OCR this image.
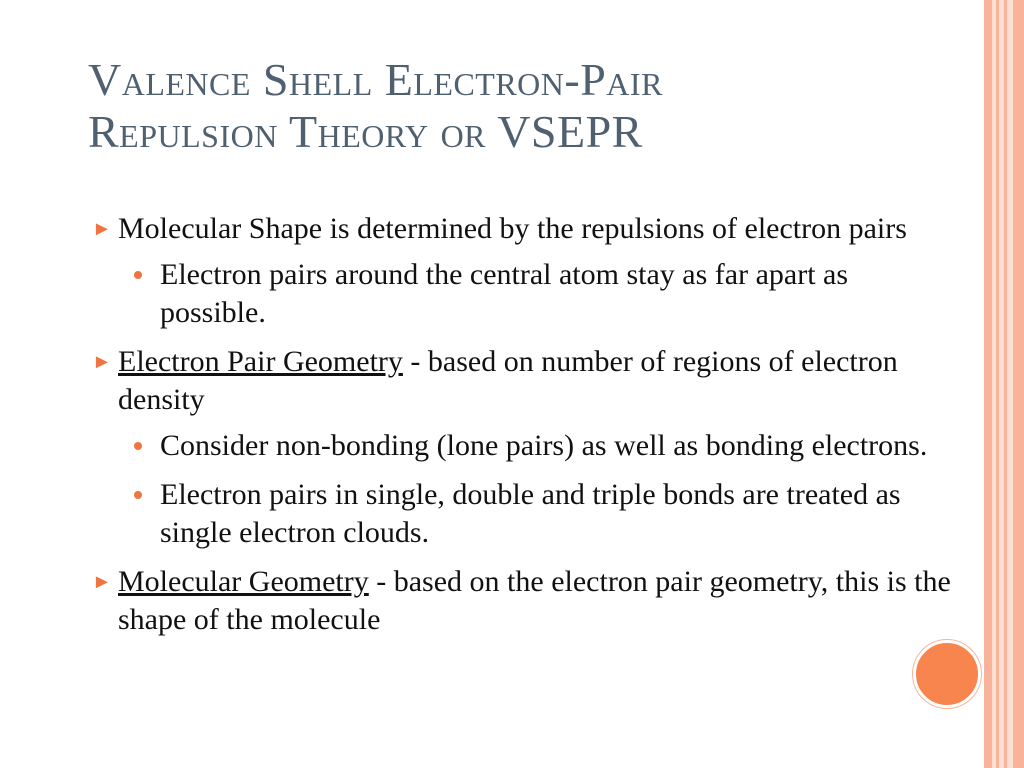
Valence Shell Electron-Pair
Repulsion Theory or VSEPR
► Molecular Shape is determined by the repulsions of electron pairs
Electron pairs around the central atom stay as far apart as possible.
► Electron Pair Geometry - based on number of regions of electron density
Consider non-bonding (lone pairs) as well as bonding electrons.
Electron pairs in single, double and triple bonds are treated as single electron clouds.
► Molecular Geometry - based on the electron pair geometry, this is the shape of the molecule
